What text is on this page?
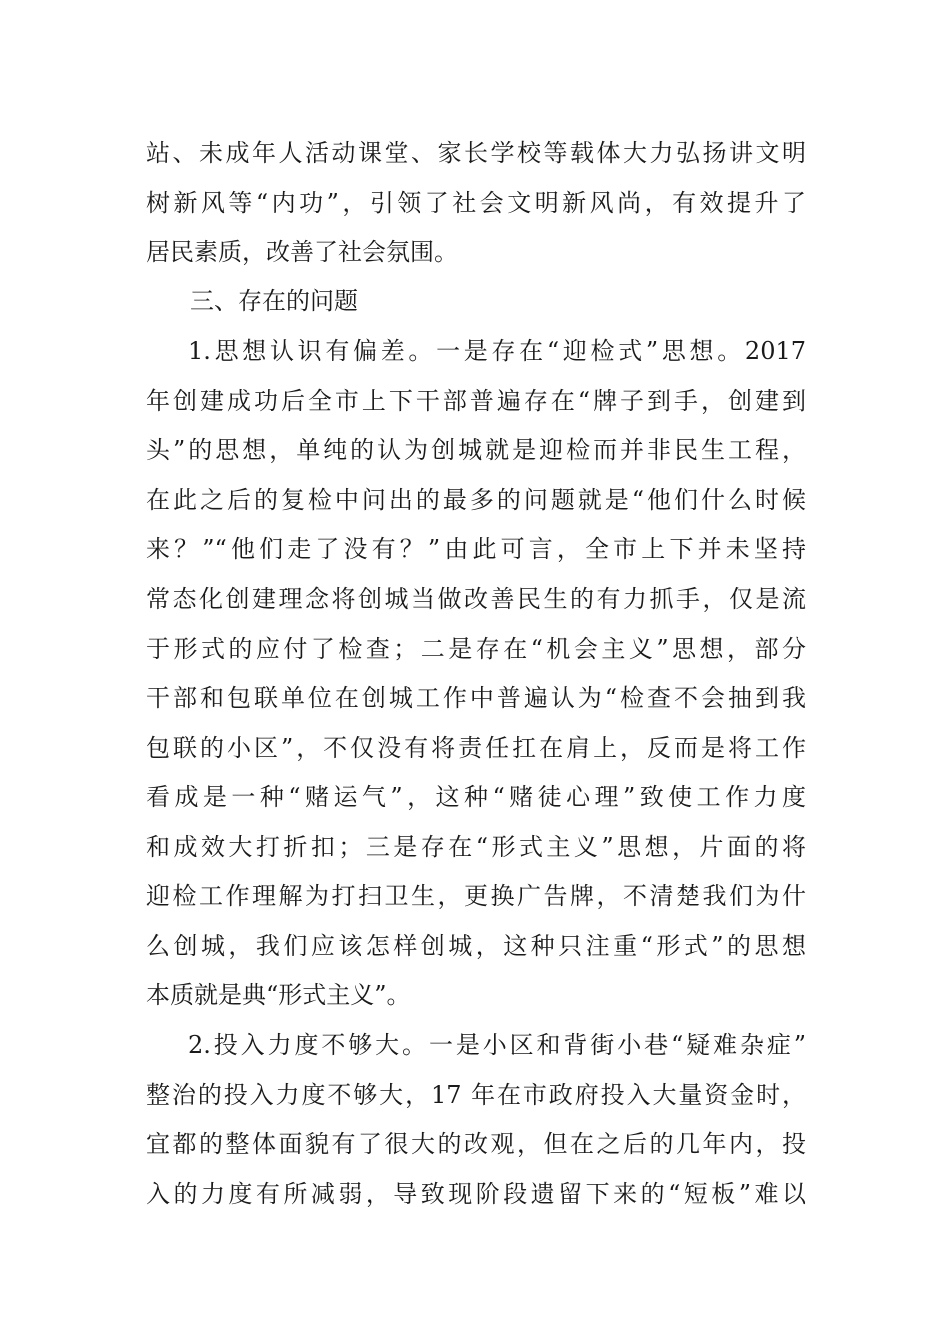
站、未成年人活动课堂、家长学校等载体大力弘扬讲文明
树新风等“内功”，引领了社会文明新风尚，有效提升了
居民素质，改善了社会氛围。
三、存在的问题
1.思想认识有偏差。一是存在“迎检式”思想。2017
年创建成功后全市上下干部普遍存在“牌子到手，创建到
头”的思想，单纯的认为创城就是迎检而并非民生工程，
在此之后的复检中问出的最多的问题就是“他们什么时候
来？”“他们走了没有？”由此可言，全市上下并未坚持
常态化创建理念将创城当做改善民生的有力抓手，仅是流
于形式的应付了检查；二是存在“机会主义”思想，部分
干部和包联单位在创城工作中普遍认为“检查不会抽到我
包联的小区”，不仅没有将责任扛在肩上，反而是将工作
看成是一种“赌运气”，这种“赌徒心理”致使工作力度
和成效大打折扣；三是存在“形式主义”思想，片面的将
迎检工作理解为打扫卫生，更换广告牌，不清楚我们为什
么创城，我们应该怎样创城，这种只注重“形式”的思想
本质就是典“形式主义”。
2.投入力度不够大。一是小区和背街小巷“疑难杂症”
整治的投入力度不够大，17 年在市政府投入大量资金时，
宜都的整体面貌有了很大的改观，但在之后的几年内，投
入的力度有所减弱，导致现阶段遗留下来的“短板”难以
